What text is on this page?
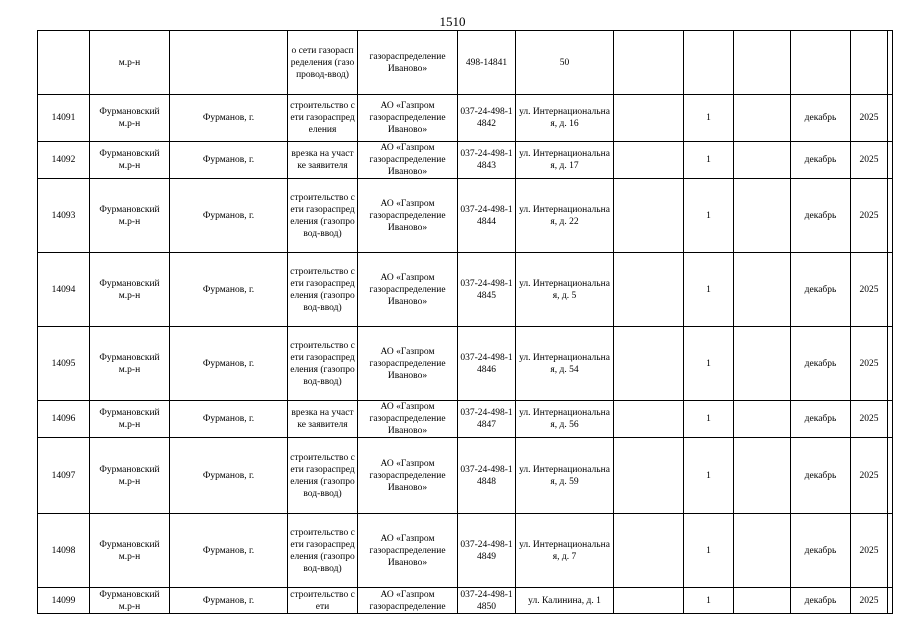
1510
	м.р-н		о сети газораспределения (газопровод-ввод)	газораспределение Иваново»	498-14841	50						
14091	Фурмановский м.р-н	Фурманов, г.	строительство сети газораспределения	АО «Газпром газораспределение Иваново»	037-24-498-14842	ул. Интернациональная, д. 16		1		декабрь	2025	
14092	Фурмановский м.р-н	Фурманов, г.	врезка на участке заявителя	АО «Газпром газораспределение Иваново»	037-24-498-14843	ул. Интернациональная, д. 17		1		декабрь	2025	
14093	Фурмановский м.р-н	Фурманов, г.	строительство сети газораспределения (газопровод-ввод)	АО «Газпром газораспределение Иваново»	037-24-498-14844	ул. Интернациональная, д. 22		1		декабрь	2025	
14094	Фурмановский м.р-н	Фурманов, г.	строительство сети газораспределения (газопровод-ввод)	АО «Газпром газораспределение Иваново»	037-24-498-14845	ул. Интернациональная, д. 5		1		декабрь	2025	
14095	Фурмановский м.р-н	Фурманов, г.	строительство сети газораспределения (газопровод-ввод)	АО «Газпром газораспределение Иваново»	037-24-498-14846	ул. Интернациональная, д. 54		1		декабрь	2025	
14096	Фурмановский м.р-н	Фурманов, г.	врезка на участке заявителя	АО «Газпром газораспределение Иваново»	037-24-498-14847	ул. Интернациональная, д. 56		1		декабрь	2025	
14097	Фурмановский м.р-н	Фурманов, г.	строительство сети газораспределения (газопровод-ввод)	АО «Газпром газораспределение Иваново»	037-24-498-14848	ул. Интернациональная, д. 59		1		декабрь	2025	
14098	Фурмановский м.р-н	Фурманов, г.	строительство сети газораспределения (газопровод-ввод)	АО «Газпром газораспределение Иваново»	037-24-498-14849	ул. Интернациональная, д. 7		1		декабрь	2025	
14099	Фурмановский м.р-н	Фурманов, г.	строительство сети	АО «Газпром газораспределение	037-24-498-14850	ул. Калинина, д. 1		1		декабрь	2025	
